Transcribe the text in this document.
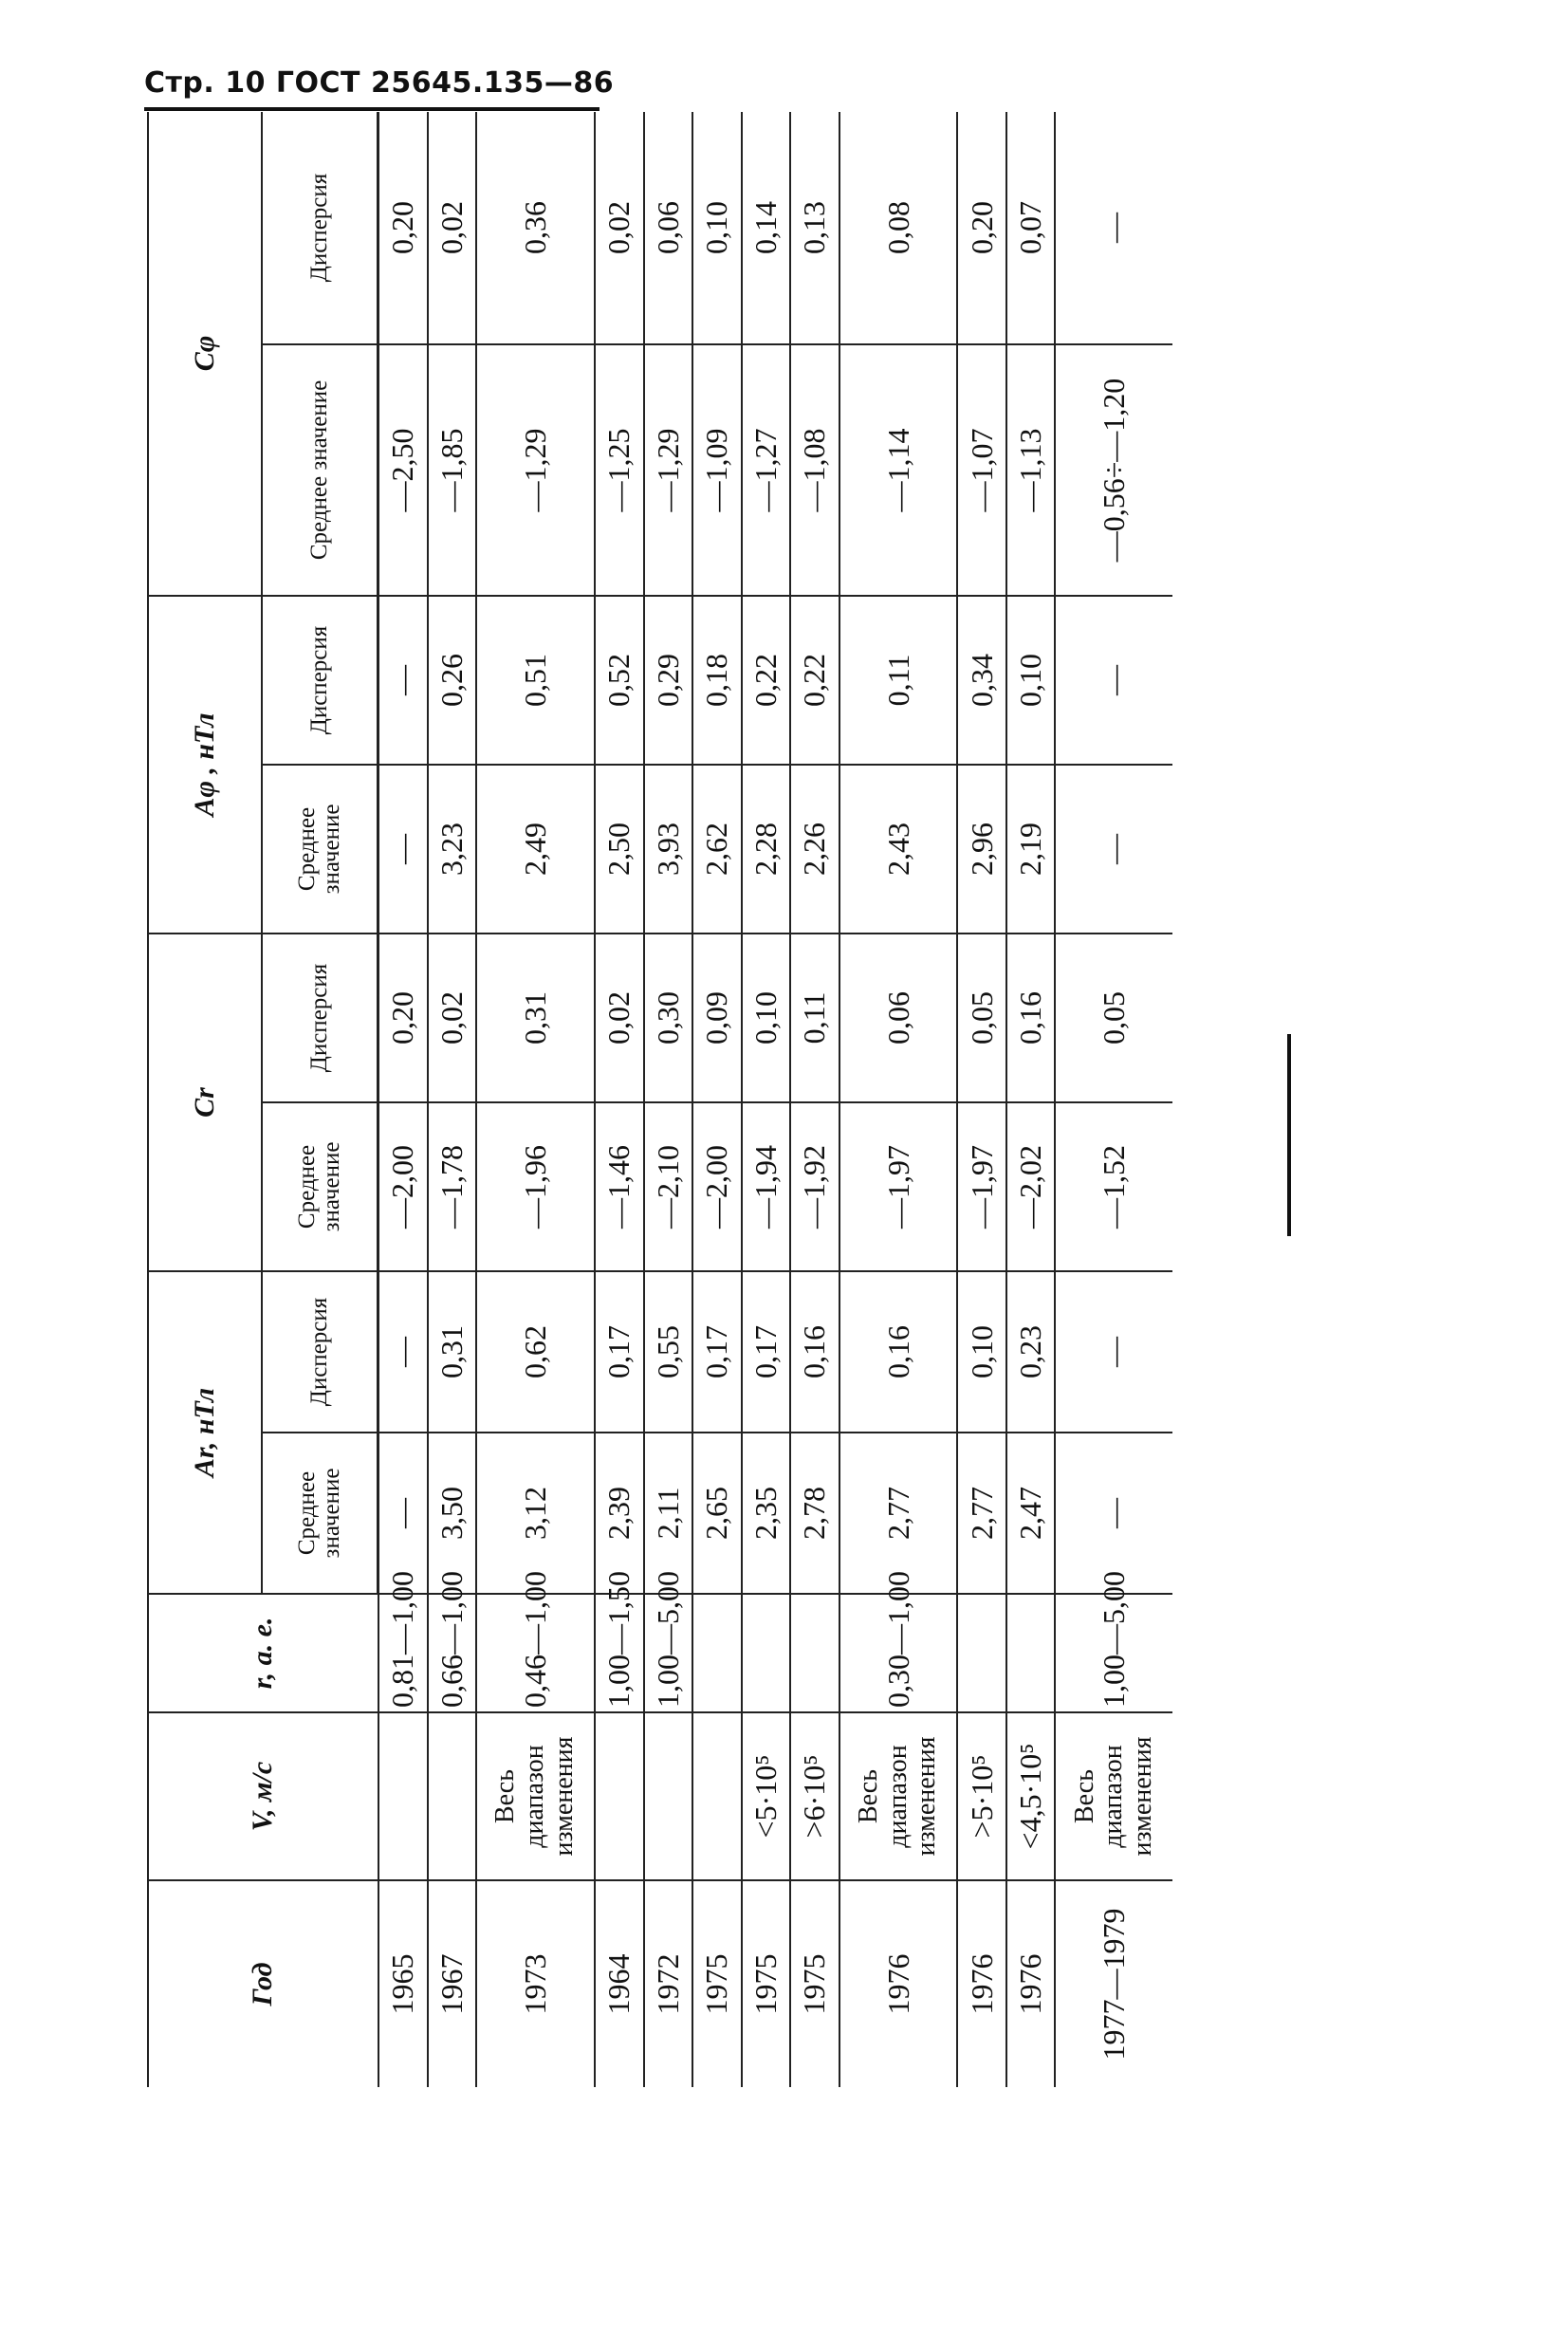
Стр. 10 ГОСТ 25645.135—86
Год	V, м/с	r, а. е.	Ar, нТл		Cr		Aφ , нТл		Cφ	
			Среднее значение	Дисперсия	Среднее значение	Дисперсия	Среднее значение	Дисперсия	Среднее значение	Дисперсия
1965		0,81—1,00	—	—	—2,00	0,20	—	—	—2,50	0,20
1967		0,66—1,00	3,50	0,31	—1,78	0,02	3,23	0,26	—1,85	0,02
1973	Весь диапазон изменения	0,46—1,00	3,12	0,62	—1,96	0,31	2,49	0,51	—1,29	0,36
1964		1,00—1,50	2,39	0,17	—1,46	0,02	2,50	0,52	—1,25	0,02
1972		1,00—5,00	2,11	0,55	—2,10	0,30	3,93	0,29	—1,29	0,06
1975			2,65	0,17	—2,00	0,09	2,62	0,18	—1,09	0,10
1975	<5·10⁵		2,35	0,17	—1,94	0,10	2,28	0,22	—1,27	0,14
1975	>6·10⁵		2,78	0,16	—1,92	0,11	2,26	0,22	—1,08	0,13
1976	Весь диапазон изменения	0,30—1,00	2,77	0,16	—1,97	0,06	2,43	0,11	—1,14	0,08
1976	>5·10⁵		2,77	0,10	—1,97	0,05	2,96	0,34	—1,07	0,20
1976	<4,5·10⁵		2,47	0,23	—2,02	0,16	2,19	0,10	—1,13	0,07
1977—1979	Весь диапазон изменения	1,00—5,00	—	—	—1,52	0,05	—	—	—0,56÷—1,20	—
